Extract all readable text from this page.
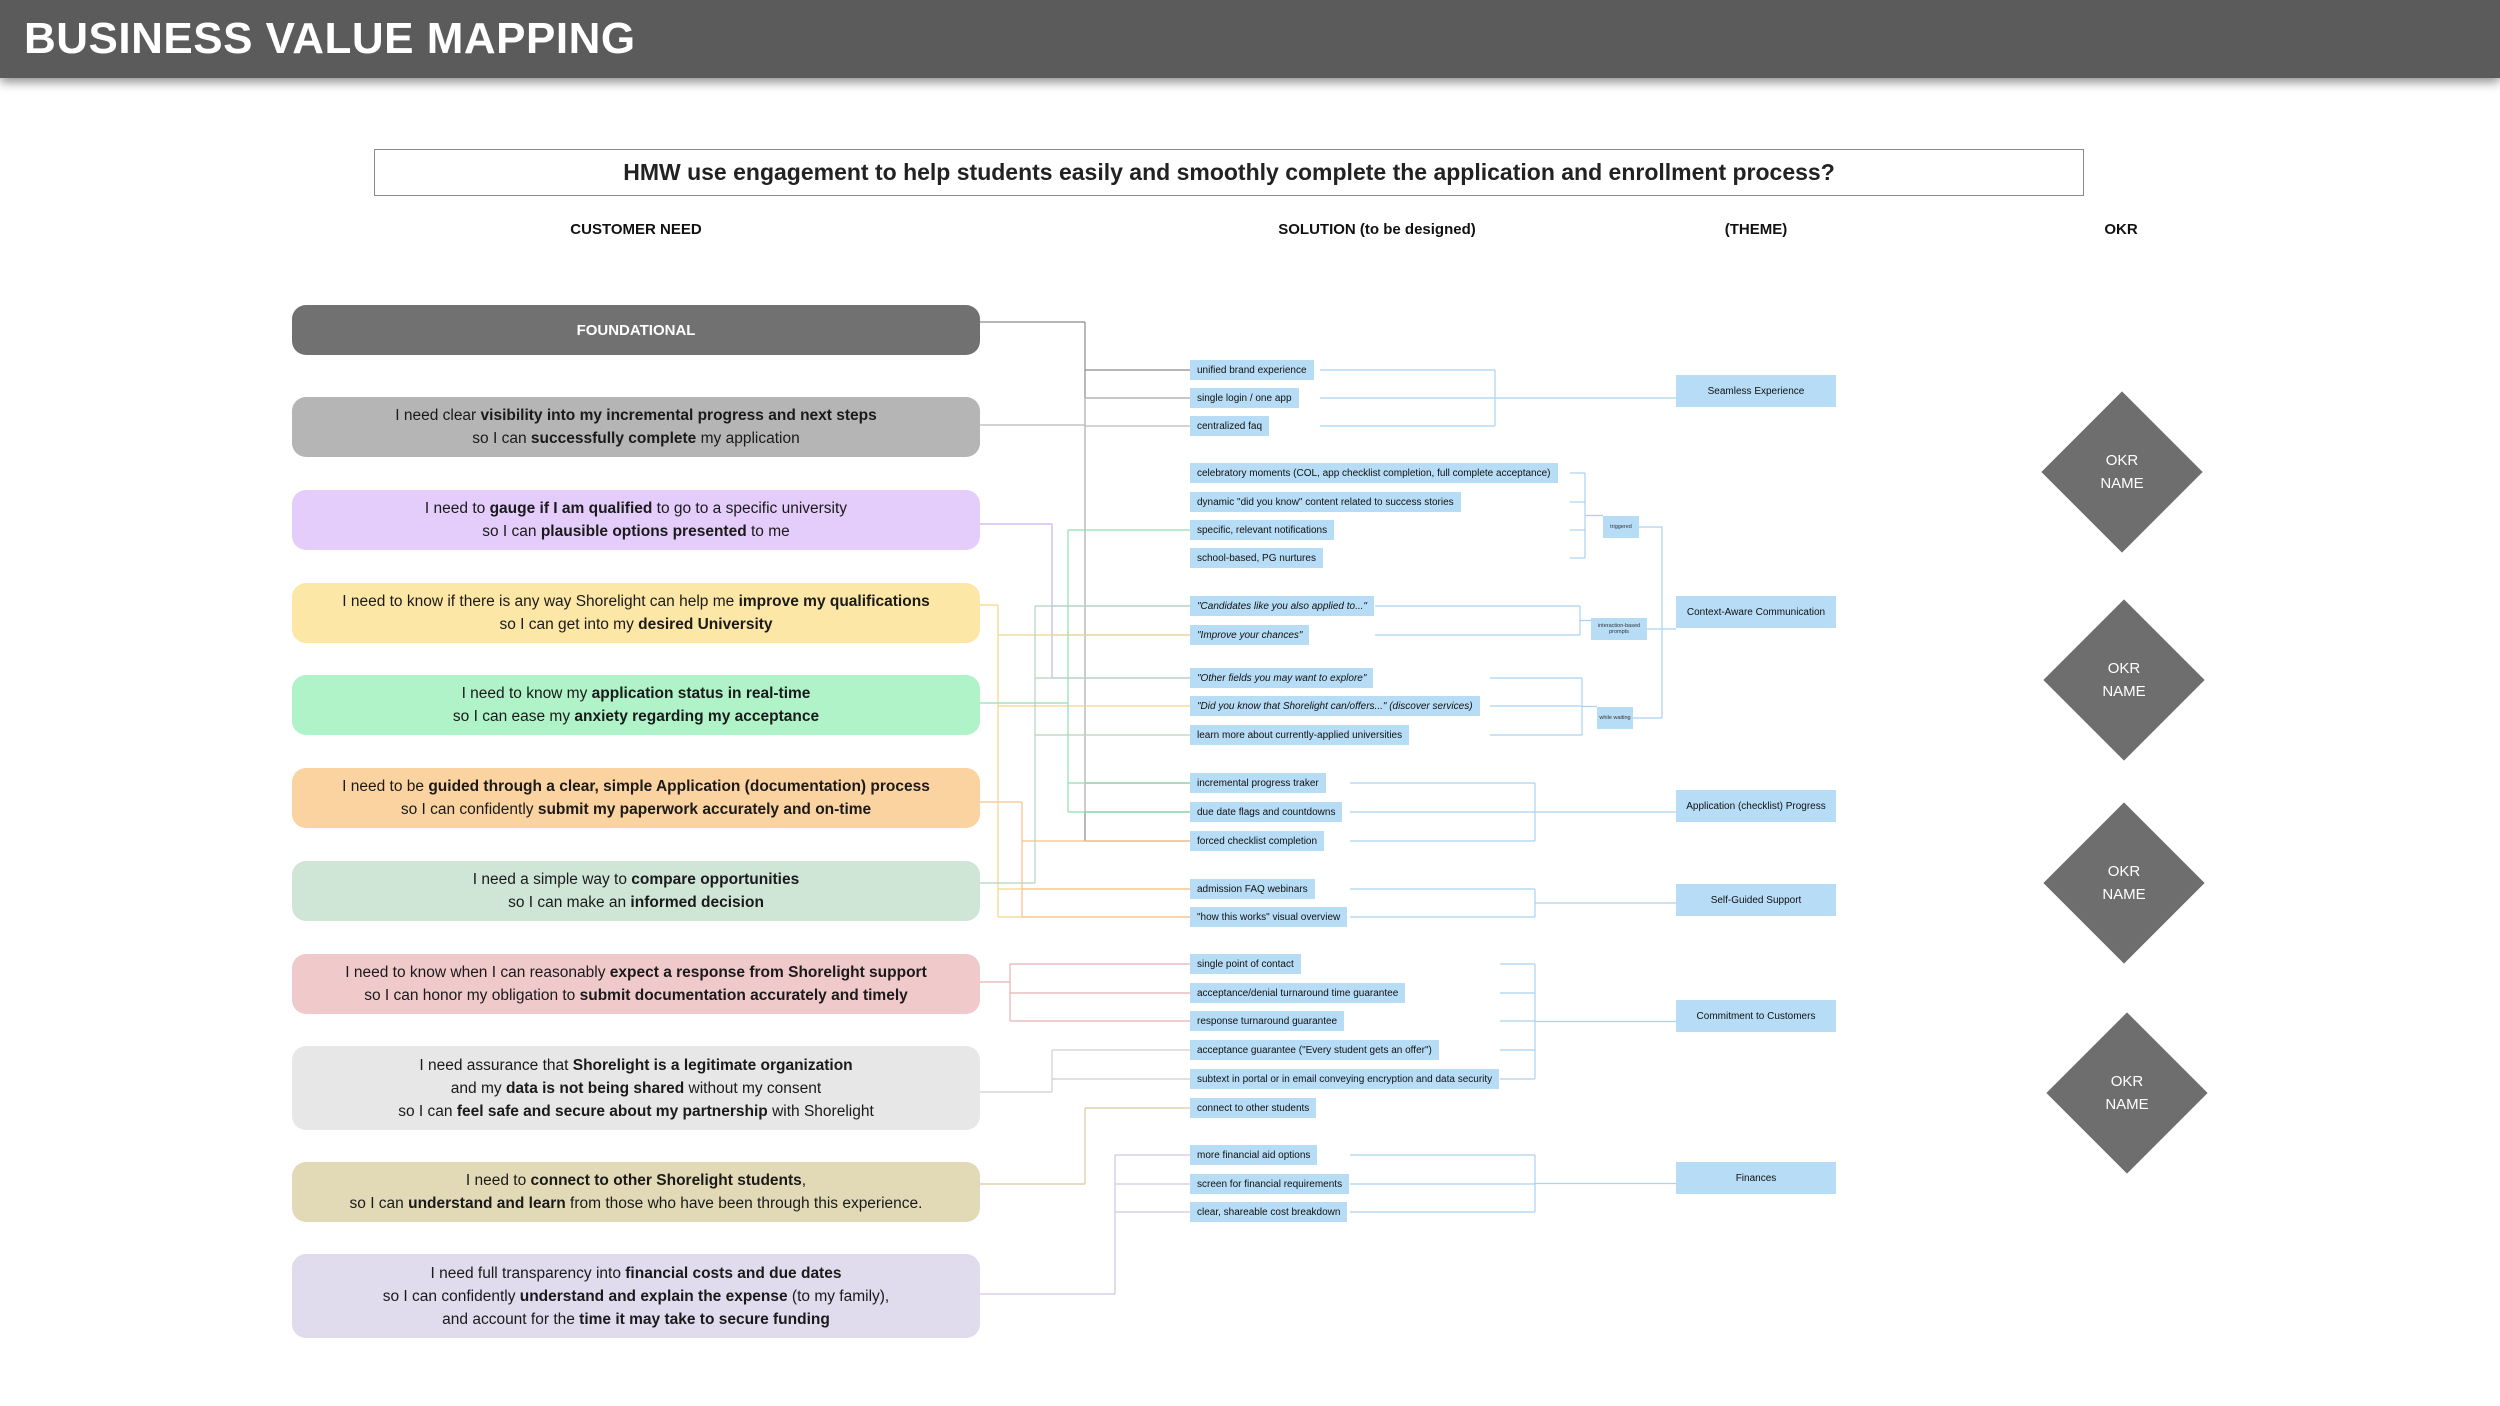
BUSINESS VALUE MAPPING
HMW use engagement to help students easily and smoothly complete the application and enrollment process?
CUSTOMER NEED	SOLUTION (to be designed)	(THEME)	OKR
FOUNDATIONAL
I need clear visibility into my incremental progress and next steps
so I can successfully complete my application
I need to gauge if I am qualified to go to a specific university
so I can plausible options presented to me
I need to know if there is any way Shorelight can help me improve my qualifications
so I can get into my desired University
I need to know my application status in real-time
so I can ease my anxiety regarding my acceptance
I need to be guided through a clear, simple Application (documentation) process
so I can confidently submit my paperwork accurately and on-time
I need a simple way to compare opportunities
so I can make an informed decision
I need to know when I can reasonably expect a response from Shorelight support
so I can honor my obligation to submit documentation accurately and timely
I need assurance that Shorelight is a legitimate organization
and my data is not being shared without my consent
so I can feel safe and secure about my partnership with Shorelight
I need to connect to other Shorelight students,
so I can understand and learn from those who have been through this experience.
I need full transparency into financial costs and due dates
so I can confidently understand and explain the expense (to my family),
and account for the time it may take to secure funding
unified brand experience
single login / one app
centralized faq
celebratory moments (COL, app checklist completion, full complete acceptance)
dynamic "did you know" content related to success stories
specific, relevant notifications
school-based, PG nurtures
"Candidates like you also applied to..."
"Improve your chances"
"Other fields you may want to explore"
"Did you know that Shorelight can/offers..." (discover services)
learn more about currently-applied universities
incremental progress traker
due date flags and countdowns
forced checklist completion
admission FAQ webinars
"how this works" visual overview
single point of contact
acceptance/denial turnaround time guarantee
response turnaround guarantee
acceptance guarantee ("Every student gets an offer")
subtext in portal or in email conveying encryption and data security
connect to other students
more financial aid options
screen for financial requirements
clear, shareable cost breakdown
triggered
interaction-based prompts
while waiting
Seamless Experience
Context-Aware Communication
Application (checklist) Progress
Self-Guided Support
Commitment to Customers
Finances
OKR
NAME
OKR
NAME
OKR
NAME
OKR
NAME
